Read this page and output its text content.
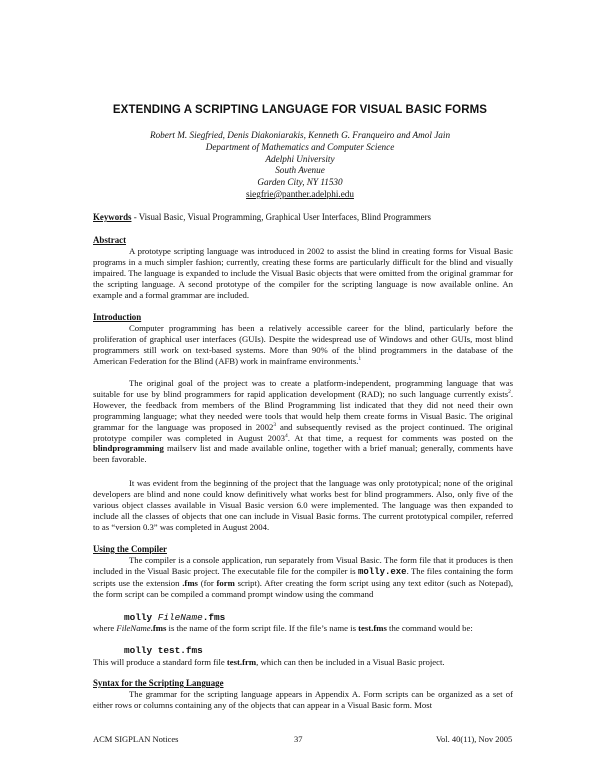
EXTENDING A SCRIPTING LANGUAGE FOR VISUAL BASIC FORMS
Robert M. Siegfried, Denis Diakoniarakis, Kenneth G. Franqueiro and Amol Jain
Department of Mathematics and Computer Science
Adelphi University
South Avenue
Garden City, NY 11530
siegfrie@panther.adelphi.edu
Keywords - Visual Basic, Visual Programming, Graphical User Interfaces, Blind Programmers
Abstract
A prototype scripting language was introduced in 2002 to assist the blind in creating forms for Visual Basic programs in a much simpler fashion; currently, creating these forms are particularly difficult for the blind and visually impaired. The language is expanded to include the Visual Basic objects that were omitted from the original grammar for the scripting language. A second prototype of the compiler for the scripting language is now available online. An example and a formal grammar are included.
Introduction
Computer programming has been a relatively accessible career for the blind, particularly before the proliferation of graphical user interfaces (GUIs). Despite the widespread use of Windows and other GUIs, most blind programmers still work on text-based systems. More than 90% of the blind programmers in the database of the American Federation for the Blind (AFB) work in mainframe environments.$^1$
The original goal of the project was to create a platform-independent, programming language that was suitable for use by blind programmers for rapid application development (RAD); no such language currently exists$^2$. However, the feedback from members of the Blind Programming list indicated that they did not need their own programming language; what they needed were tools that would help them create forms in Visual Basic. The original grammar for the language was proposed in 2002$^3$ and subsequently revised as the project continued. The original prototype compiler was completed in August 2003$^4$. At that time, a request for comments was posted on the blindprogramming mailserv list and made available online, together with a brief manual; generally, comments have been favorable.
It was evident from the beginning of the project that the language was only prototypical; none of the original developers are blind and none could know definitively what works best for blind programmers. Also, only five of the various object classes available in Visual Basic version 6.0 were implemented. The language was then expanded to include all the classes of objects that one can include in Visual Basic forms. The current prototypical compiler, referred to as “version 0.3” was completed in August 2004.
Using the Compiler
The compiler is a console application, run separately from Visual Basic. The form file that it produces is then included in the Visual Basic project. The executable file for the compiler is molly.exe. The files containing the form scripts use the extension .fms (for form script). After creating the form script using any text editor (such as Notepad), the form script can be compiled a command prompt window using the command
molly FileName.fms
where FileName.fms is the name of the form script file. If the file’s name is test.fms the command would be:
molly test.fms
This will produce a standard form file test.frm, which can then be included in a Visual Basic project.
Syntax for the Scripting Language
The grammar for the scripting language appears in Appendix A. Form scripts can be organized as a set of either rows or columns containing any of the objects that can appear in a Visual Basic form. Most
ACM SIGPLAN Notices	37	Vol. 40(11), Nov 2005
